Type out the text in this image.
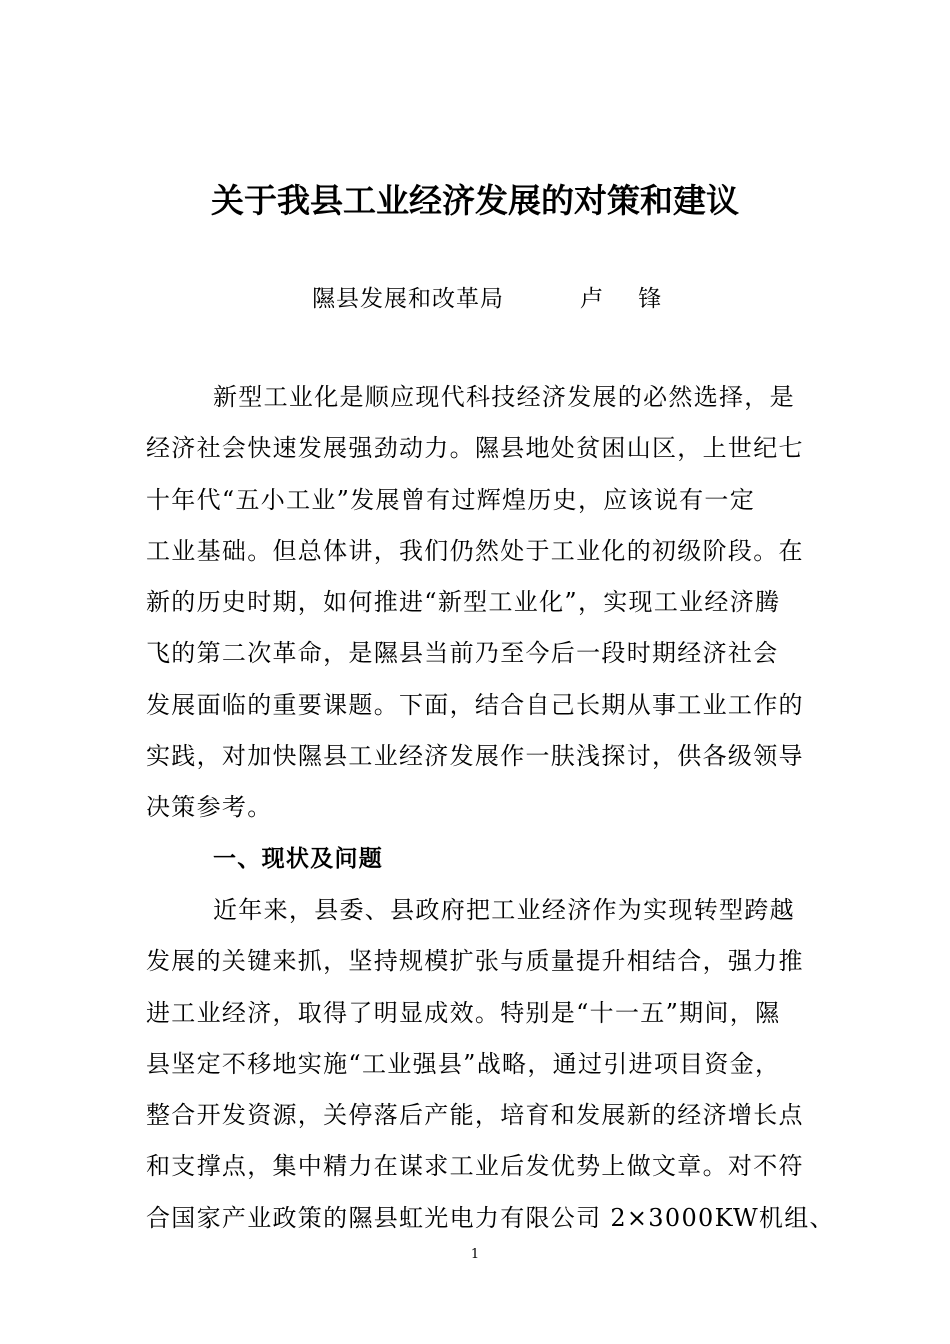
关于我县工业经济发展的对策和建议
隰县发展和改革局	卢 锋
新型工业化是顺应现代科技经济发展的必然选择，是
经济社会快速发展强劲动力。隰县地处贫困山区，上世纪七
十年代“五小工业”发展曾有过辉煌历史，应该说有一定
工业基础。但总体讲，我们仍然处于工业化的初级阶段。在
新的历史时期，如何推进“新型工业化”，实现工业经济腾
飞的第二次革命，是隰县当前乃至今后一段时期经济社会
发展面临的重要课题。下面，结合自己长期从事工业工作的
实践，对加快隰县工业经济发展作一肤浅探讨，供各级领导
决策参考。
一、现状及问题
近年来，县委、县政府把工业经济作为实现转型跨越
发展的关键来抓，坚持规模扩张与质量提升相结合，强力推
进工业经济，取得了明显成效。特别是“十一五”期间，隰
县坚定不移地实施“工业强县”战略，通过引进项目资金，
整合开发资源，关停落后产能，培育和发展新的经济增长点
和支撑点，集中精力在谋求工业后发优势上做文章。对不符
合国家产业政策的隰县虹光电力有限公司 2×3000KW机组、
1
